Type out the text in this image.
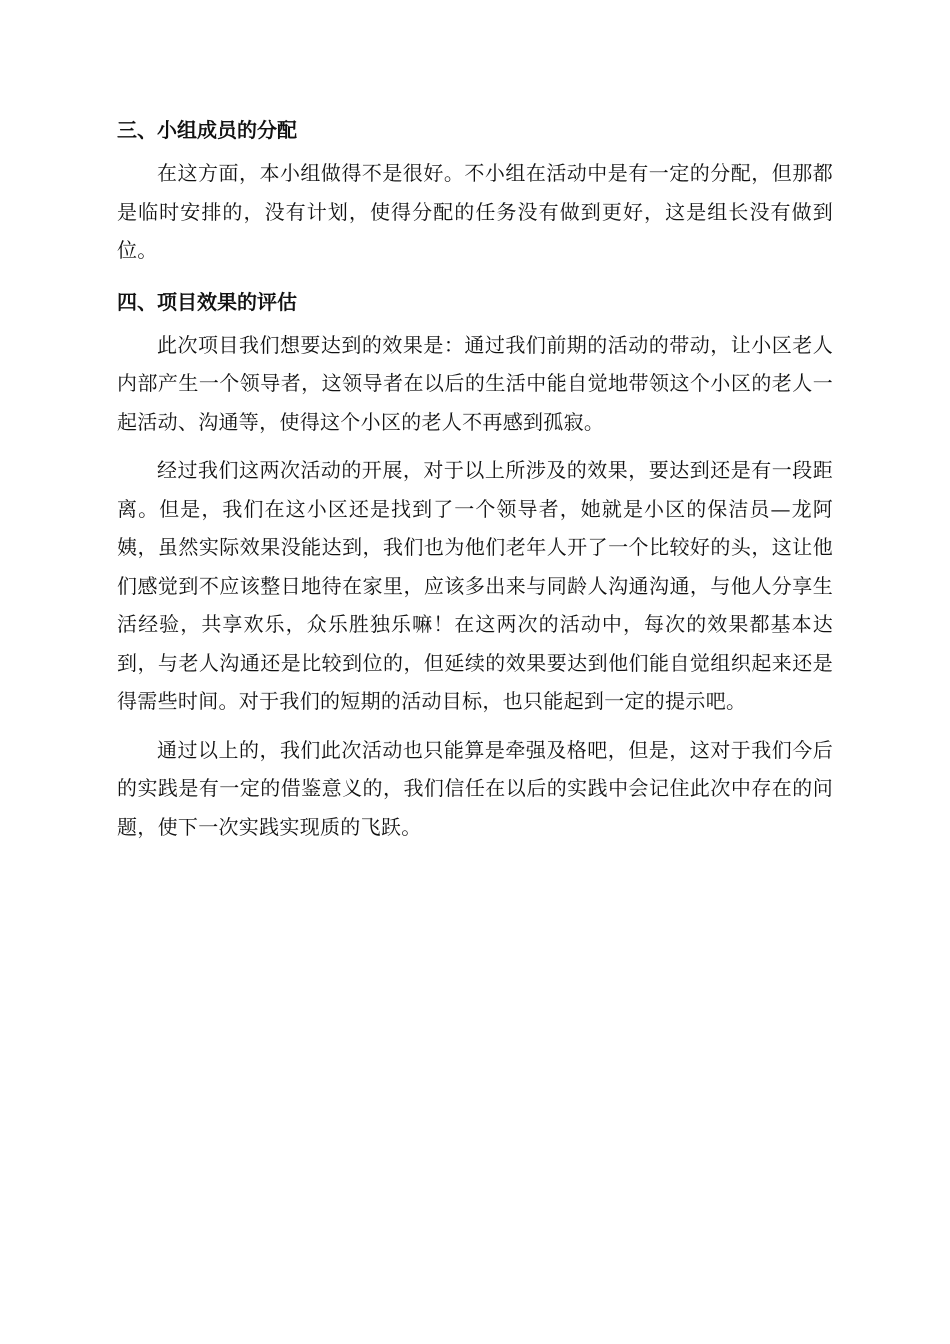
三、小组成员的分配

在这方面，本小组做得不是很好。不小组在活动中是有一定的分配，但那都是临时安排的，没有计划，使得分配的任务没有做到更好，这是组长没有做到位。

四、项目效果的评估

此次项目我们想要达到的效果是：通过我们前期的活动的带动，让小区老人内部产生一个领导者，这领导者在以后的生活中能自觉地带领这个小区的老人一起活动、沟通等，使得这个小区的老人不再感到孤寂。

经过我们这两次活动的开展，对于以上所涉及的效果，要达到还是有一段距离。但是，我们在这小区还是找到了一个领导者，她就是小区的保洁员—龙阿姨，虽然实际效果没能达到，我们也为他们老年人开了一个比较好的头，这让他们感觉到不应该整日地待在家里，应该多出来与同龄人沟通沟通，与他人分享生活经验，共享欢乐，众乐胜独乐嘛！在这两次的活动中，每次的效果都基本达到，与老人沟通还是比较到位的，但延续的效果要达到他们能自觉组织起来还是得需些时间。对于我们的短期的活动目标，也只能起到一定的提示吧。

通过以上的，我们此次活动也只能算是牵强及格吧，但是，这对于我们今后的实践是有一定的借鉴意义的，我们信任在以后的实践中会记住此次中存在的问题，使下一次实践实现质的飞跃。
